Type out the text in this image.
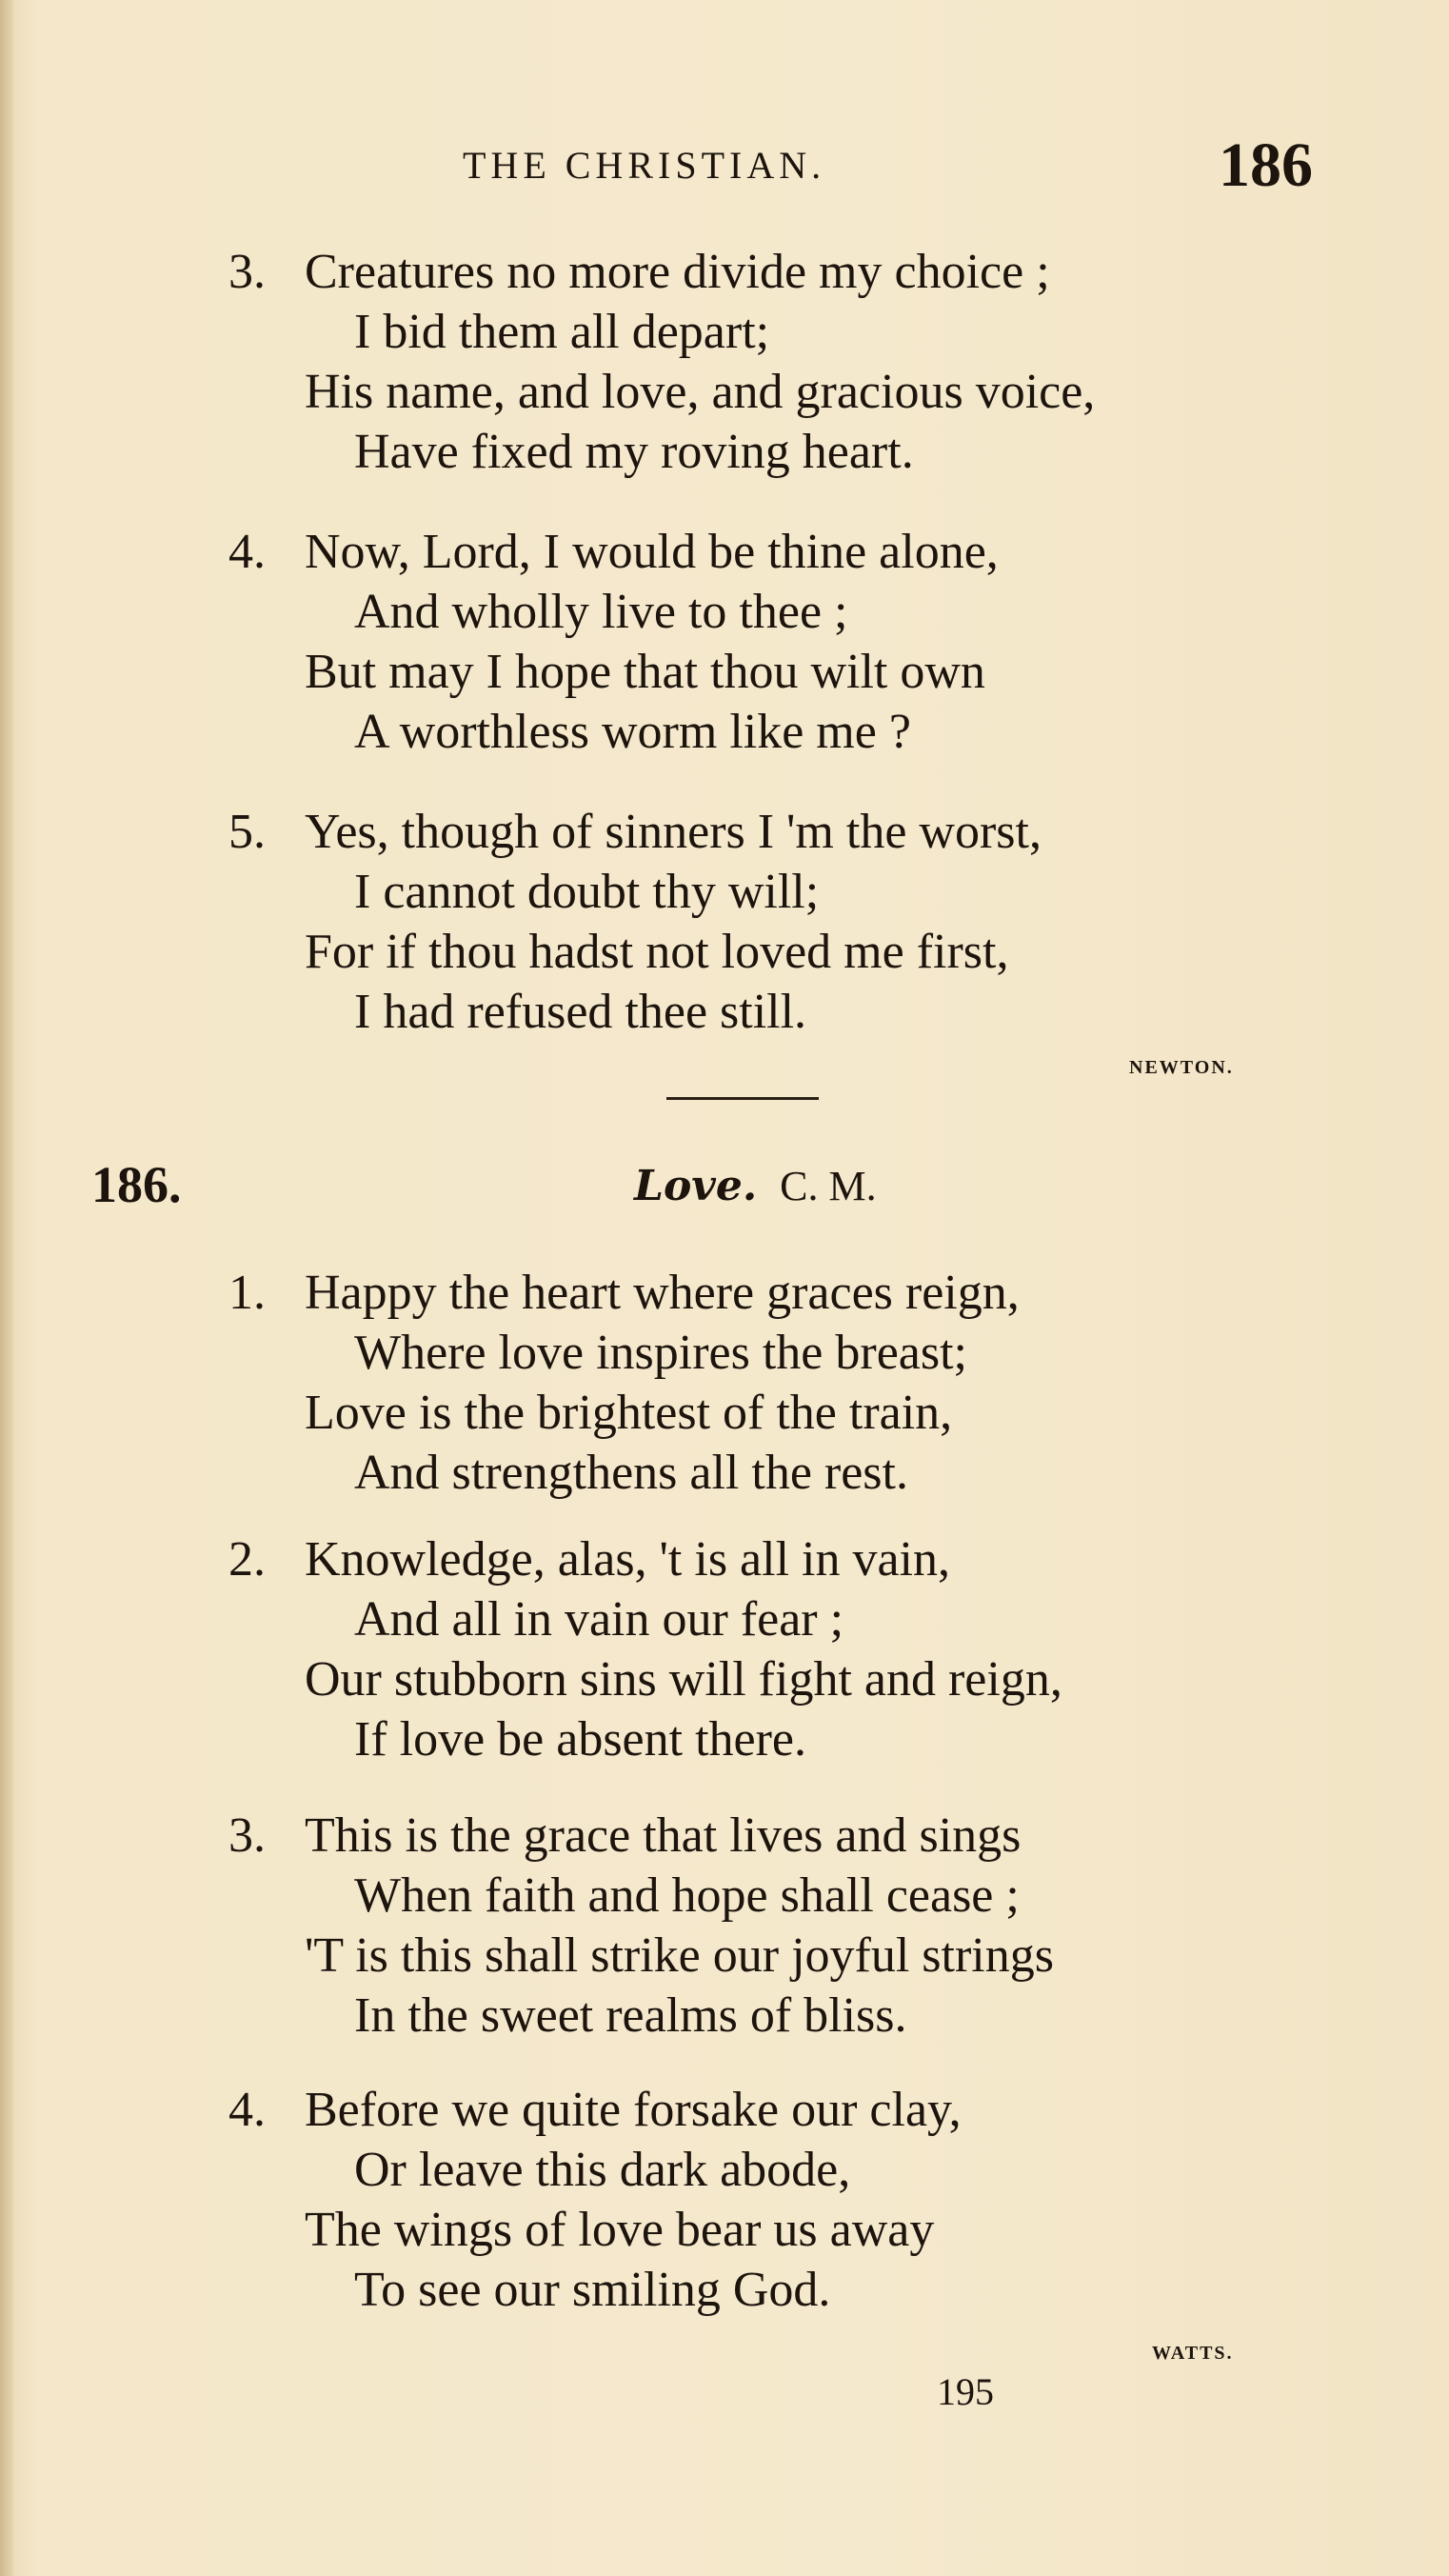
THE CHRISTIAN.	186
3. Creatures no more divide my choice ;
I bid them all depart;
His name, and love, and gracious voice,
Have fixed my roving heart.
4. Now, Lord, I would be thine alone,
And wholly live to thee ;
But may I hope that thou wilt own
A worthless worm like me ?
5. Yes, though of sinners I 'm the worst,
I cannot doubt thy will;
For if thou hadst not loved me first,
I had refused thee still.
NEWTON.
186.	Love. C. M.
1. Happy the heart where graces reign,
Where love inspires the breast;
Love is the brightest of the train,
And strengthens all the rest.
2. Knowledge, alas, 't is all in vain,
And all in vain our fear ;
Our stubborn sins will fight and reign,
If love be absent there.
3. This is the grace that lives and sings
When faith and hope shall cease ;
'T is this shall strike our joyful strings
In the sweet realms of bliss.
4. Before we quite forsake our clay,
Or leave this dark abode,
The wings of love bear us away
To see our smiling God.
WATTS.
195
